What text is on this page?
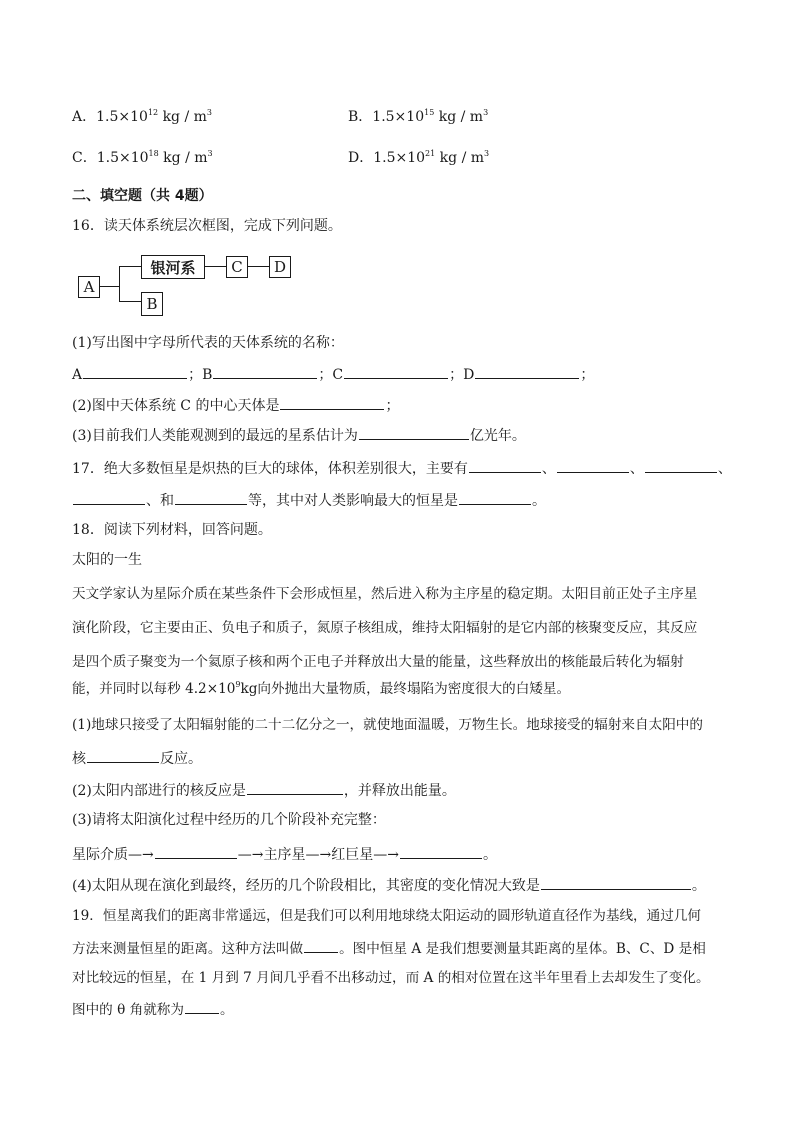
A．$1.5\times 10^{12}$ kg / $m^3$	B．$1.5\times 10^{15}$ kg / $m^3$
C．$1.5\times 10^{18}$ kg / $m^3$	D．$1.5\times 10^{21}$ kg / $m^3$
二、填空题（共 4题）
16．读天体系统层次框图，完成下列问题。
A
银河系	C	D
B
(1)写出图中字母所代表的天体系统的名称：
A	；B	；C	；D	；
(2)图中天体系统 C 的中心天体是	；
(3)目前我们人类能观测到的最远的星系估计为	亿光年。
17．绝大多数恒星是炽热的巨大的球体，体积差别很大，主要有	、	、	、
、和	等，其中对人类影响最大的恒星是	。
18．阅读下列材料，回答问题。
太阳的一生
天文学家认为星际介质在某些条件下会形成恒星，然后进入称为主序星的稳定期。太阳目前正处子主序星
演化阶段，它主要由正、负电子和质子，氮原子核组成，维持太阳辐射的是它内部的核聚变反应，其反应
是四个质子聚变为一个氦原子核和两个正电子并释放出大量的能量，这些释放出的核能最后转化为辐射
能，并同时以每秒 $4.2\times 10^9kg$向外抛出大量物质，最终塌陷为密度很大的白矮星。
(1)地球只接受了太阳辐射能的二十二亿分之一，就使地面温暖，万物生长。地球接受的辐射来自太阳中的
核	反应。
(2)太阳内部进行的核反应是	，并释放出能量。
(3)请将太阳演化过程中经历的几个阶段补充完整：
星际介质—→	—→主序星—→红巨星—→	。
(4)太阳从现在演化到最终，经历的几个阶段相比，其密度的变化情况大致是	。
19．恒星离我们的距离非常遥远，但是我们可以利用地球绕太阳运动的圆形轨道直径作为基线，通过几何
方法来测量恒星的距离。这种方法叫做	。图中恒星 A 是我们想要测量其距离的星体。B、C、D 是相
对比较远的恒星，在 1 月到 7 月间几乎看不出移动过，而 A 的相对位置在这半年里看上去却发生了变化。
图中的 θ 角就称为	。
